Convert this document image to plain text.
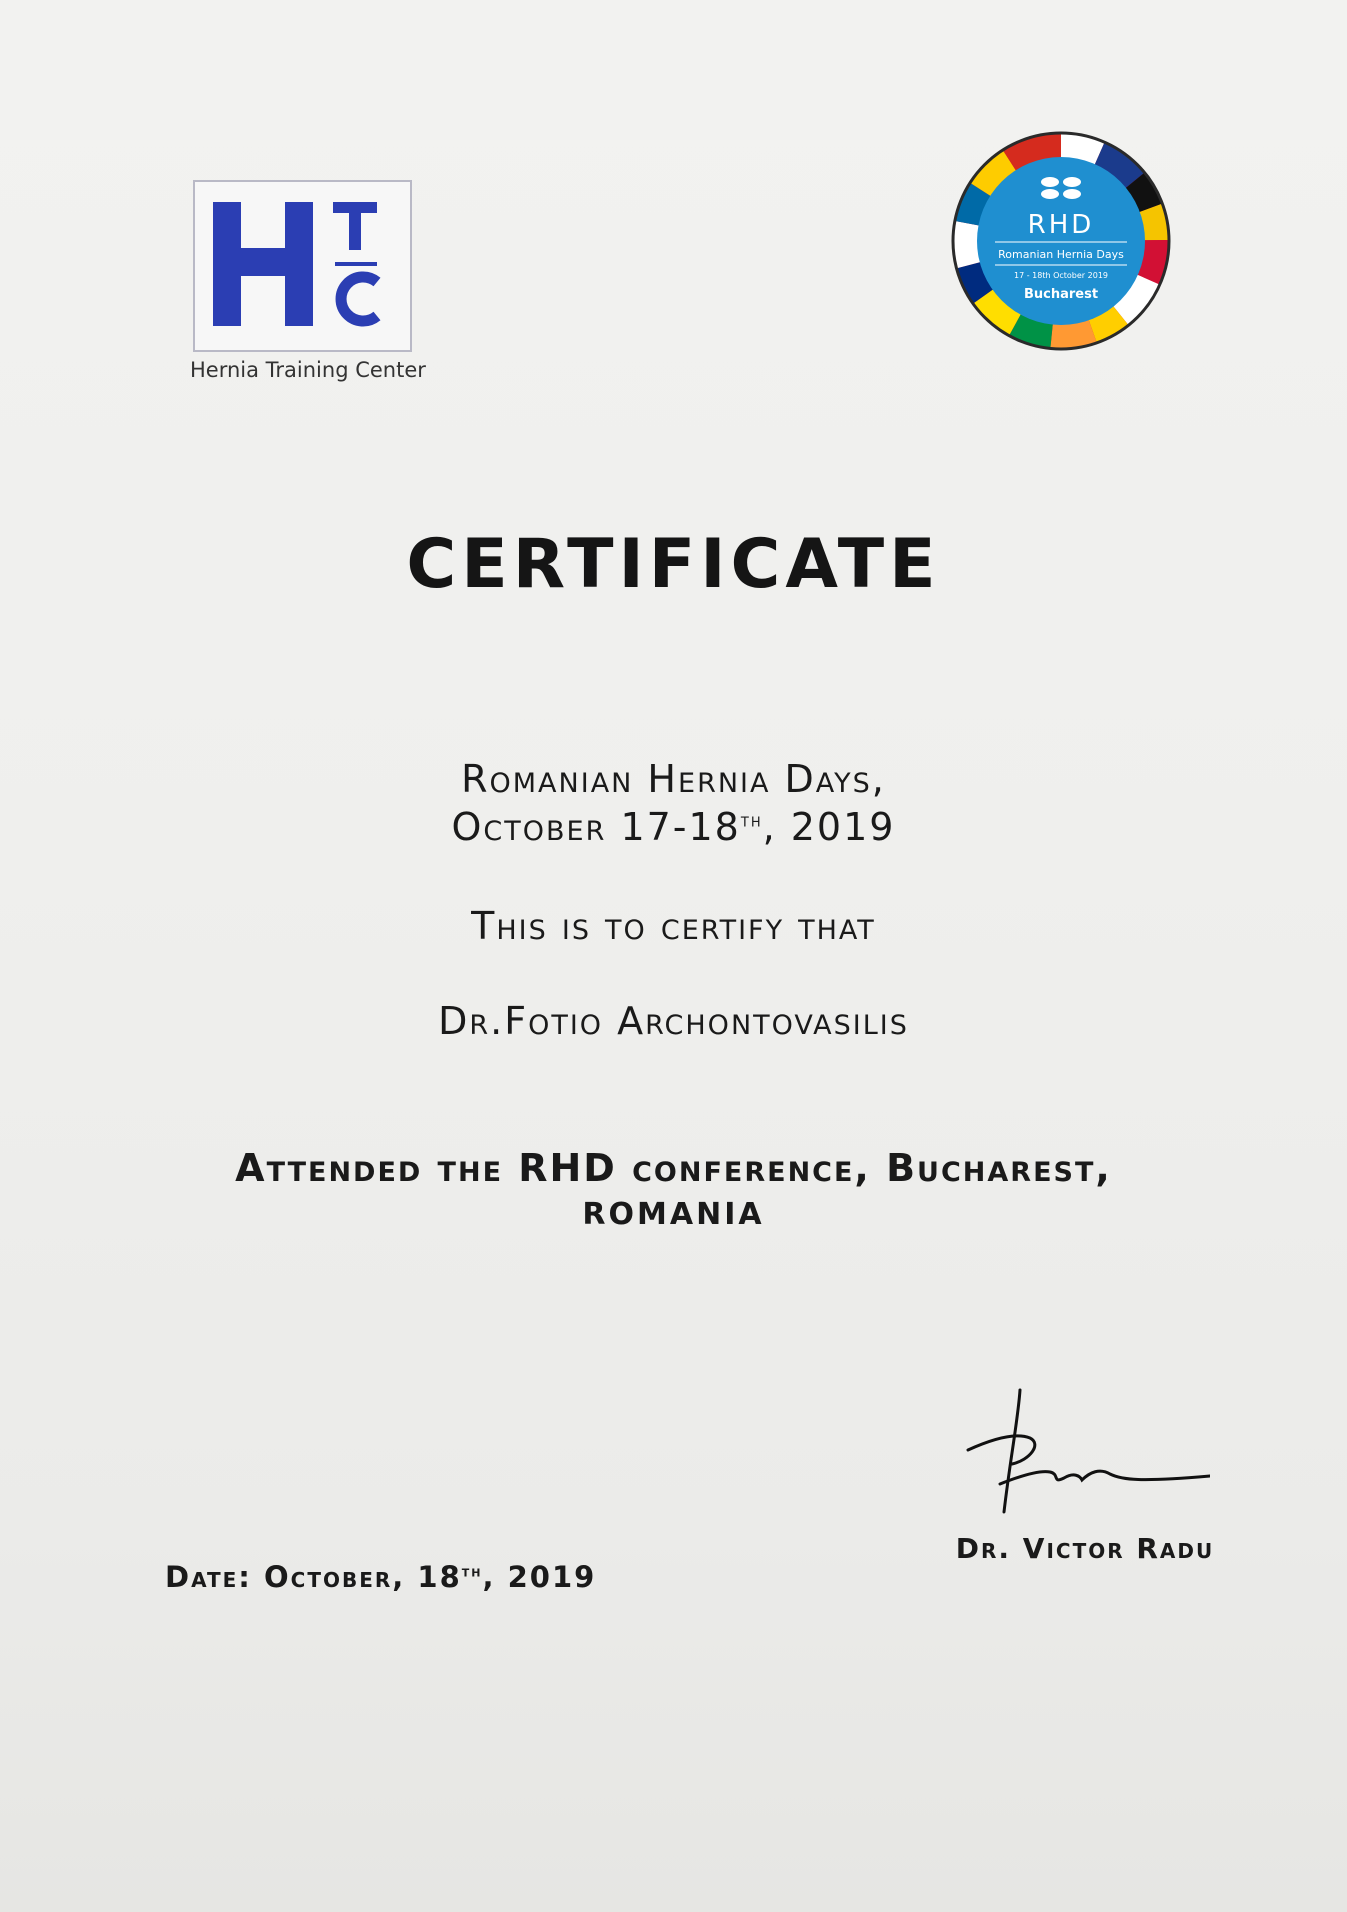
Hernia Training Center
RHD
Romanian Hernia Days
17 - 18th October 2019
Bucharest
CERTIFICATE
Romanian Hernia Days,
October 17-18th, 2019
This is to certify that
Dr.Fotio Archontovasilis
Attended the RHD conference, Bucharest,
ROMANIA
Dr. Victor Radu
Date: October, 18th, 2019
